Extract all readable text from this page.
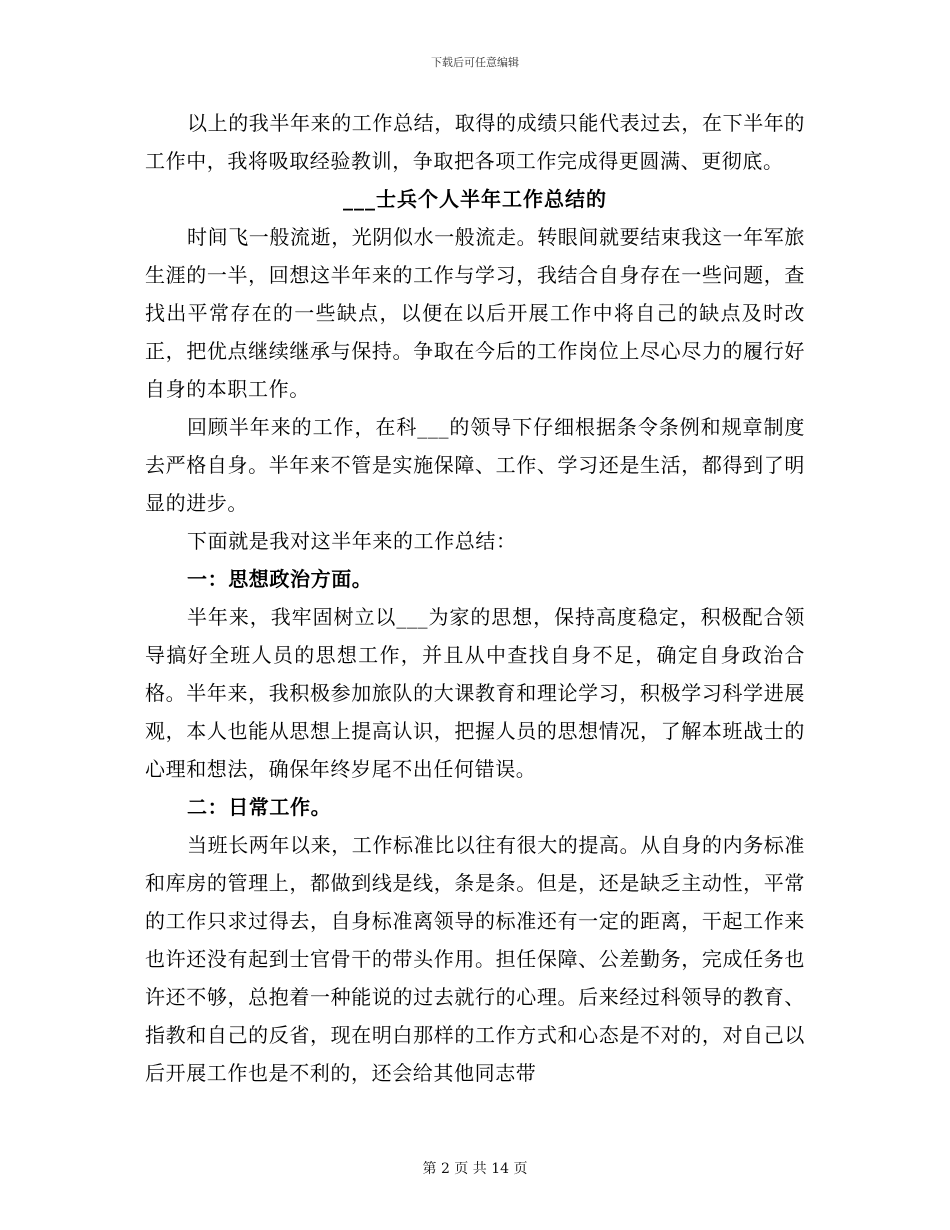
下载后可任意编辑

以上的我半年来的工作总结，取得的成绩只能代表过去，在下半年的工作中，我将吸取经验教训，争取把各项工作完成得更圆满、更彻底。

___士兵个人半年工作总结的

时间飞一般流逝，光阴似水一般流走。转眼间就要结束我这一年军旅生涯的一半，回想这半年来的工作与学习，我结合自身存在一些问题，查找出平常存在的一些缺点，以便在以后开展工作中将自己的缺点及时改正，把优点继续继承与保持。争取在今后的工作岗位上尽心尽力的履行好自身的本职工作。

回顾半年来的工作，在科___的领导下仔细根据条令条例和规章制度去严格自身。半年来不管是实施保障、工作、学习还是生活，都得到了明显的进步。

下面就是我对这半年来的工作总结：

一：思想政治方面。

半年来，我牢固树立以___为家的思想，保持高度稳定，积极配合领导搞好全班人员的思想工作，并且从中查找自身不足，确定自身政治合格。半年来，我积极参加旅队的大课教育和理论学习，积极学习科学进展观，本人也能从思想上提高认识，把握人员的思想情况，了解本班战士的心理和想法，确保年终岁尾不出任何错误。

二：日常工作。

当班长两年以来，工作标准比以往有很大的提高。从自身的内务标准和库房的管理上，都做到线是线，条是条。但是，还是缺乏主动性，平常的工作只求过得去，自身标准离领导的标准还有一定的距离，干起工作来也许还没有起到士官骨干的带头作用。担任保障、公差勤务，完成任务也许还不够，总抱着一种能说的过去就行的心理。后来经过科领导的教育、指教和自己的反省，现在明白那样的工作方式和心态是不对的，对自己以后开展工作也是不利的，还会给其他同志带

第 2 页 共 14 页
